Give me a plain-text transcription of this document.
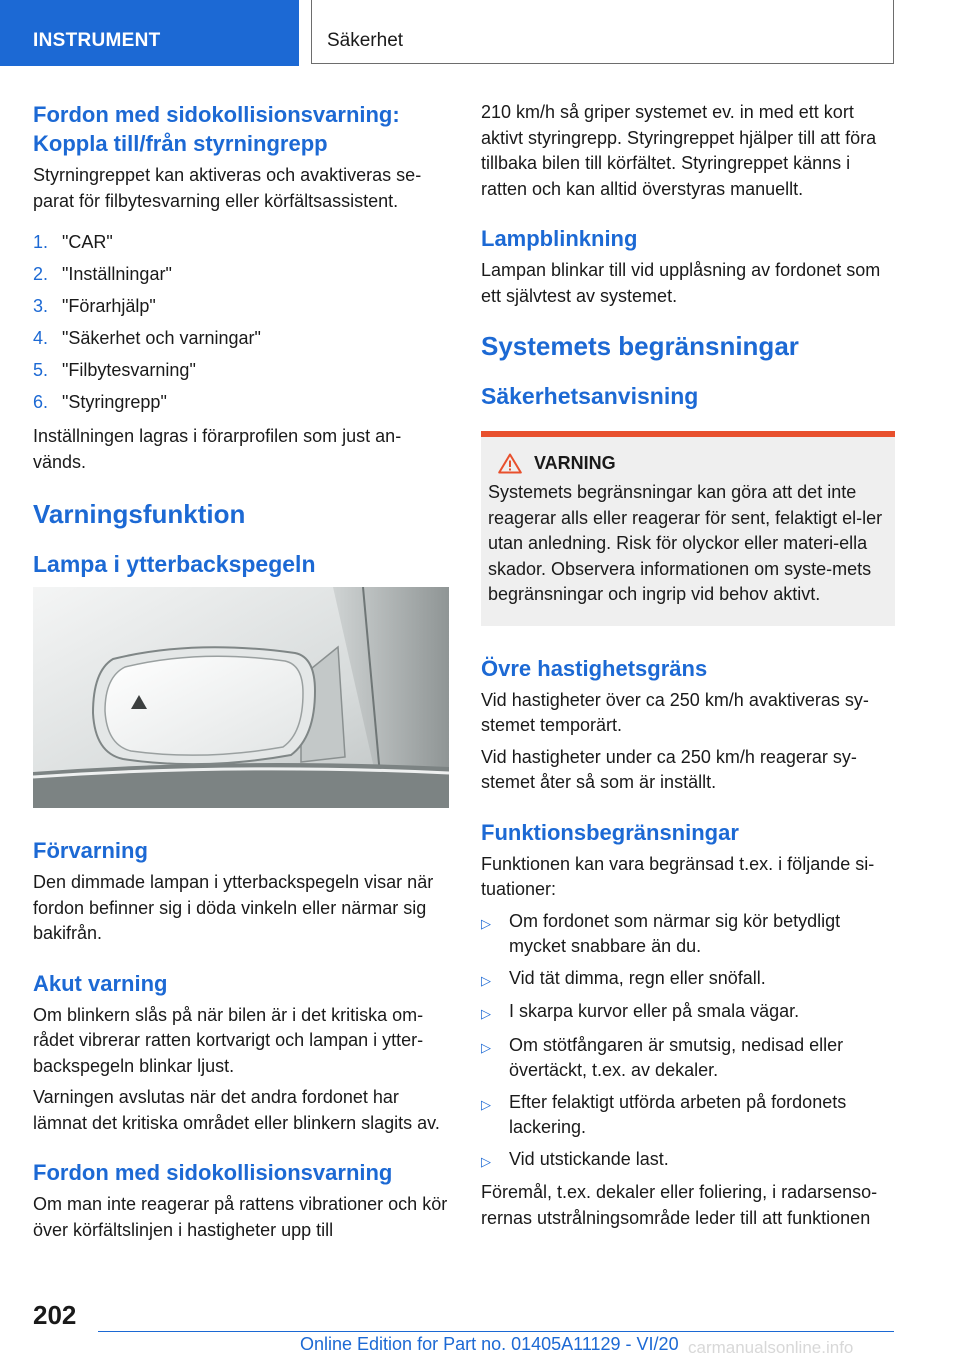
INSTRUMENT	Säkerhet
Fordon med sidokollisionsvarning: Koppla till/från styrningrepp

Styrningreppet kan aktiveras och avaktiveras se-parat för filbytesvarning eller körfältsassistent.

1. "CAR"
2. "Inställningar"
3. "Förarhjälp"
4. "Säkerhet och varningar"
5. "Filbytesvarning"
6. "Styringrepp"

Inställningen lagras i förarprofilen som just an-vänds.

Varningsfunktion
Lampa i ytterbackspegeln
Förvarning

Den dimmade lampan i ytterbackspegeln visar när fordon befinner sig i döda vinkeln eller närmar sig bakifrån.

Akut varning

Om blinkern slås på när bilen är i det kritiska om-rådet vibrerar ratten kortvarigt och lampan i ytter-backspegeln blinkar ljust.

Varningen avslutas när det andra fordonet har lämnat det kritiska området eller blinkern slagits av.

Fordon med sidokollisionsvarning

Om man inte reagerar på rattens vibrationer och kör över körfältslinjen i hastigheter upp till

210 km/h så griper systemet ev. in med ett kort aktivt styringrepp. Styringreppet hjälper till att föra tillbaka bilen till körfältet. Styringreppet känns i ratten och kan alltid överstyras manuellt.

Lampblinkning

Lampan blinkar till vid upplåsning av fordonet som ett självtest av systemet.

Systemets begränsningar
Säkerhetsanvisning
VARNING

Systemets begränsningar kan göra att det inte reagerar alls eller reagerar för sent, felaktigt el-ler utan anledning. Risk för olyckor eller materi-ella skador. Observera informationen om syste-mets begränsningar och ingrip vid behov aktivt.

Övre hastighetsgräns

Vid hastigheter över ca 250 km/h avaktiveras sy-stemet temporärt.

Vid hastigheter under ca 250 km/h reagerar sy-stemet åter så som är inställt.

Funktionsbegränsningar

Funktionen kan vara begränsad t.ex. i följande si-tuationer:

▷	Om fordonet som närmar sig kör betydligt mycket snabbare än du.
▷	Vid tät dimma, regn eller snöfall.
▷	I skarpa kurvor eller på smala vägar.
▷	Om stötfångaren är smutsig, nedisad eller övertäckt, t.ex. av dekaler.
▷	Efter felaktigt utförda arbeten på fordonets lackering.
▷	Vid utstickande last.

Föremål, t.ex. dekaler eller foliering, i radarsenso-rernas utstrålningsområde leder till att funktionen

202
Online Edition for Part no. 01405A11129 - VI/20 carmanualsonline.info
